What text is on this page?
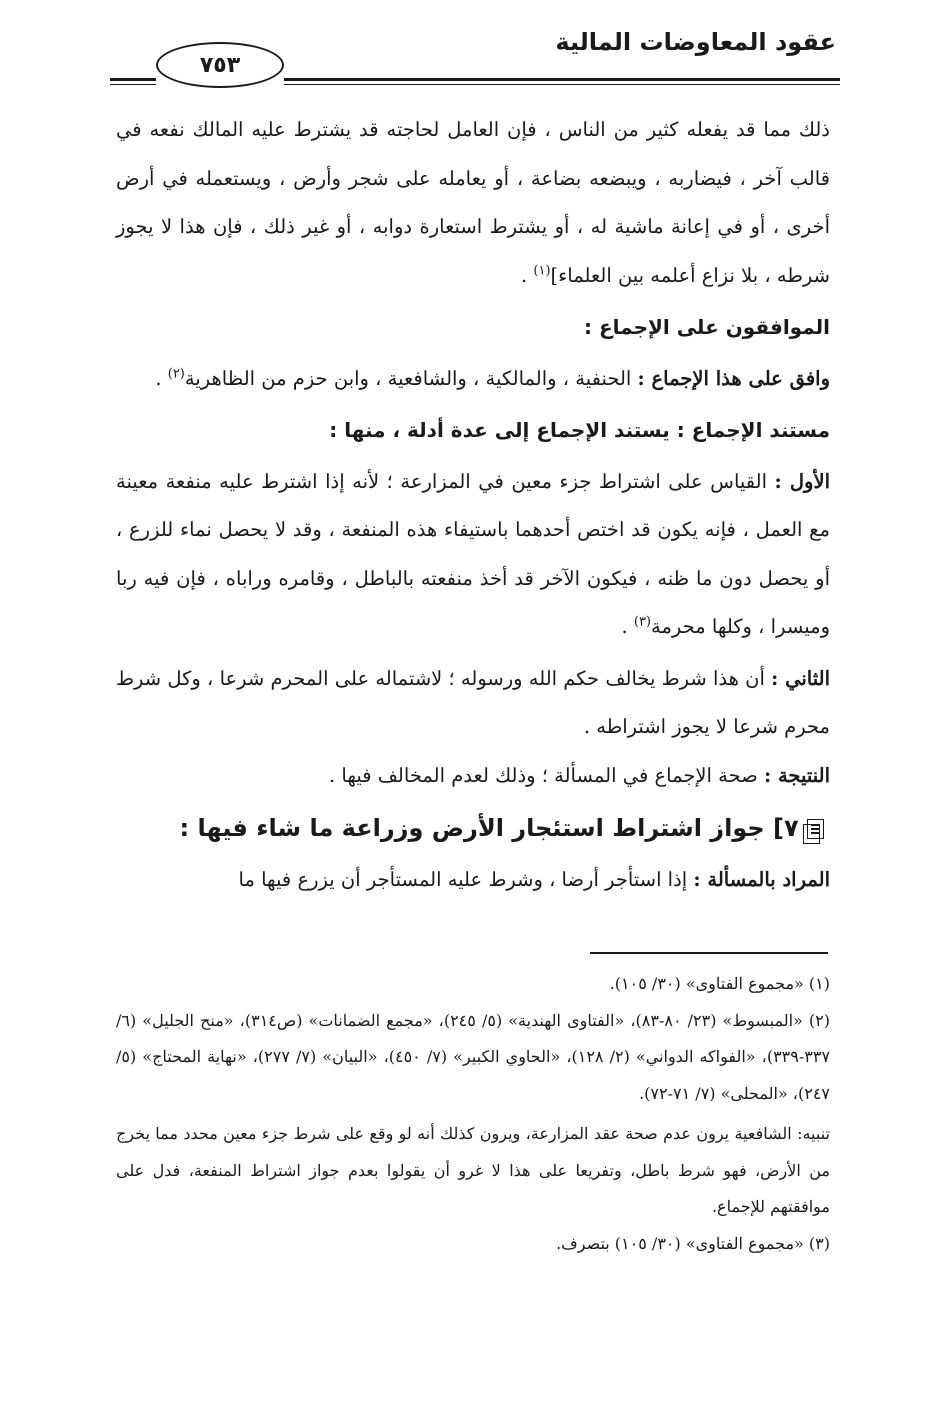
عقود المعاوضات المالية
٧٥٣

ذلك مما قد يفعله كثير من الناس ، فإن العامل لحاجته قد يشترط عليه المالك نفعه في قالب آخر ، فيضاربه ، ويبضعه بضاعة ، أو يعامله على شجر وأرض ، ويستعمله في أرض أخرى ، أو في إعانة ماشية له ، أو يشترط استعارة دوابه ، أو غير ذلك ، فإن هذا لا يجوز شرطه ، بلا نزاع أعلمه بين العلماء]$^{(١)}$ .

الموافقون على الإجماع :

وافق على هذا الإجماع : الحنفية ، والمالكية ، والشافعية ، وابن حزم من الظاهرية$^{(٢)}$ .

مستند الإجماع : يستند الإجماع إلى عدة أدلة ، منها :

الأول : القياس على اشتراط جزء معين في المزارعة ؛ لأنه إذا اشترط عليه منفعة معينة مع العمل ، فإنه يكون قد اختص أحدهما باستيفاء هذه المنفعة ، وقد لا يحصل نماء للزرع ، أو يحصل دون ما ظنه ، فيكون الآخر قد أخذ منفعته بالباطل ، وقامره وراباه ، فإن فيه ربا وميسرا ، وكلها محرمة$^{(٣)}$ .

الثاني : أن هذا شرط يخالف حكم الله ورسوله ؛ لاشتماله على المحرم شرعا ، وكل شرط محرم شرعا لا يجوز اشتراطه .

النتيجة : صحة الإجماع في المسألة ؛ وذلك لعدم المخالف فيها .

٧] جواز اشتراط استئجار الأرض وزراعة ما شاء فيها :

المراد بالمسألة : إذا استأجر أرضا ، وشرط عليه المستأجر أن يزرع فيها ما

(١) «مجموع الفتاوى» (٣٠/ ١٠٥).

(٢) «المبسوط» (٢٣/ ٨٠-٨٣)، «الفتاوى الهندية» (٥/ ٢٤٥)، «مجمع الضمانات» (ص٣١٤)، «منح الجليل» (٦/ ٣٣٧-٣٣٩)، «الفواكه الدواني» (٢/ ١٢٨)، «الحاوي الكبير» (٧/ ٤٥٠)، «البيان» (٧/ ٢٧٧)، «نهاية المحتاج» (٥/ ٢٤٧)، «المحلى» (٧/ ٧١-٧٢).

تنبيه: الشافعية يرون عدم صحة عقد المزارعة، ويرون كذلك أنه لو وقع على شرط جزء معين محدد مما يخرج من الأرض، فهو شرط باطل، وتفريعا على هذا لا غرو أن يقولوا بعدم جواز اشتراط المنفعة، فدل على موافقتهم للإجماع.

(٣) «مجموع الفتاوى» (٣٠/ ١٠٥) بتصرف.
